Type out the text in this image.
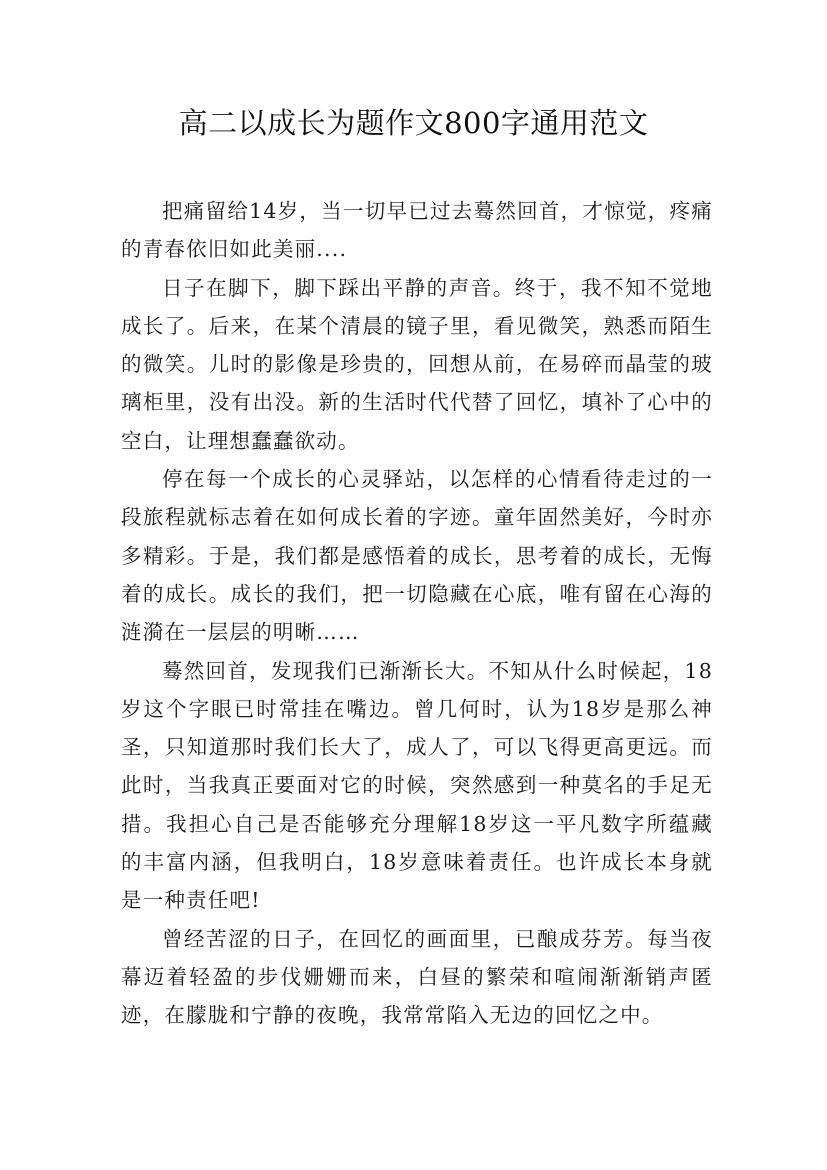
高二以成长为题作文800字通用范文

把痛留给14岁，当一切早已过去蓦然回首，才惊觉，疼痛的青春依旧如此美丽....

日子在脚下，脚下踩出平静的声音。终于，我不知不觉地成长了。后来，在某个清晨的镜子里，看见微笑，熟悉而陌生的微笑。儿时的影像是珍贵的，回想从前，在易碎而晶莹的玻璃柜里，没有出没。新的生活时代代替了回忆，填补了心中的空白，让理想蠢蠢欲动。

停在每一个成长的心灵驿站，以怎样的心情看待走过的一段旅程就标志着在如何成长着的字迹。童年固然美好，今时亦多精彩。于是，我们都是感悟着的成长，思考着的成长，无悔着的成长。成长的我们，把一切隐藏在心底，唯有留在心海的涟漪在一层层的明晰……

蓦然回首，发现我们已渐渐长大。不知从什么时候起，18岁这个字眼已时常挂在嘴边。曾几何时，认为18岁是那么神圣，只知道那时我们长大了，成人了，可以飞得更高更远。而此时，当我真正要面对它的时候，突然感到一种莫名的手足无措。我担心自己是否能够充分理解18岁这一平凡数字所蕴藏的丰富内涵，但我明白，18岁意味着责任。也许成长本身就是一种责任吧!

曾经苦涩的日子，在回忆的画面里，已酿成芬芳。每当夜幕迈着轻盈的步伐姗姗而来，白昼的繁荣和喧闹渐渐销声匿迹，在朦胧和宁静的夜晚，我常常陷入无边的回忆之中。
